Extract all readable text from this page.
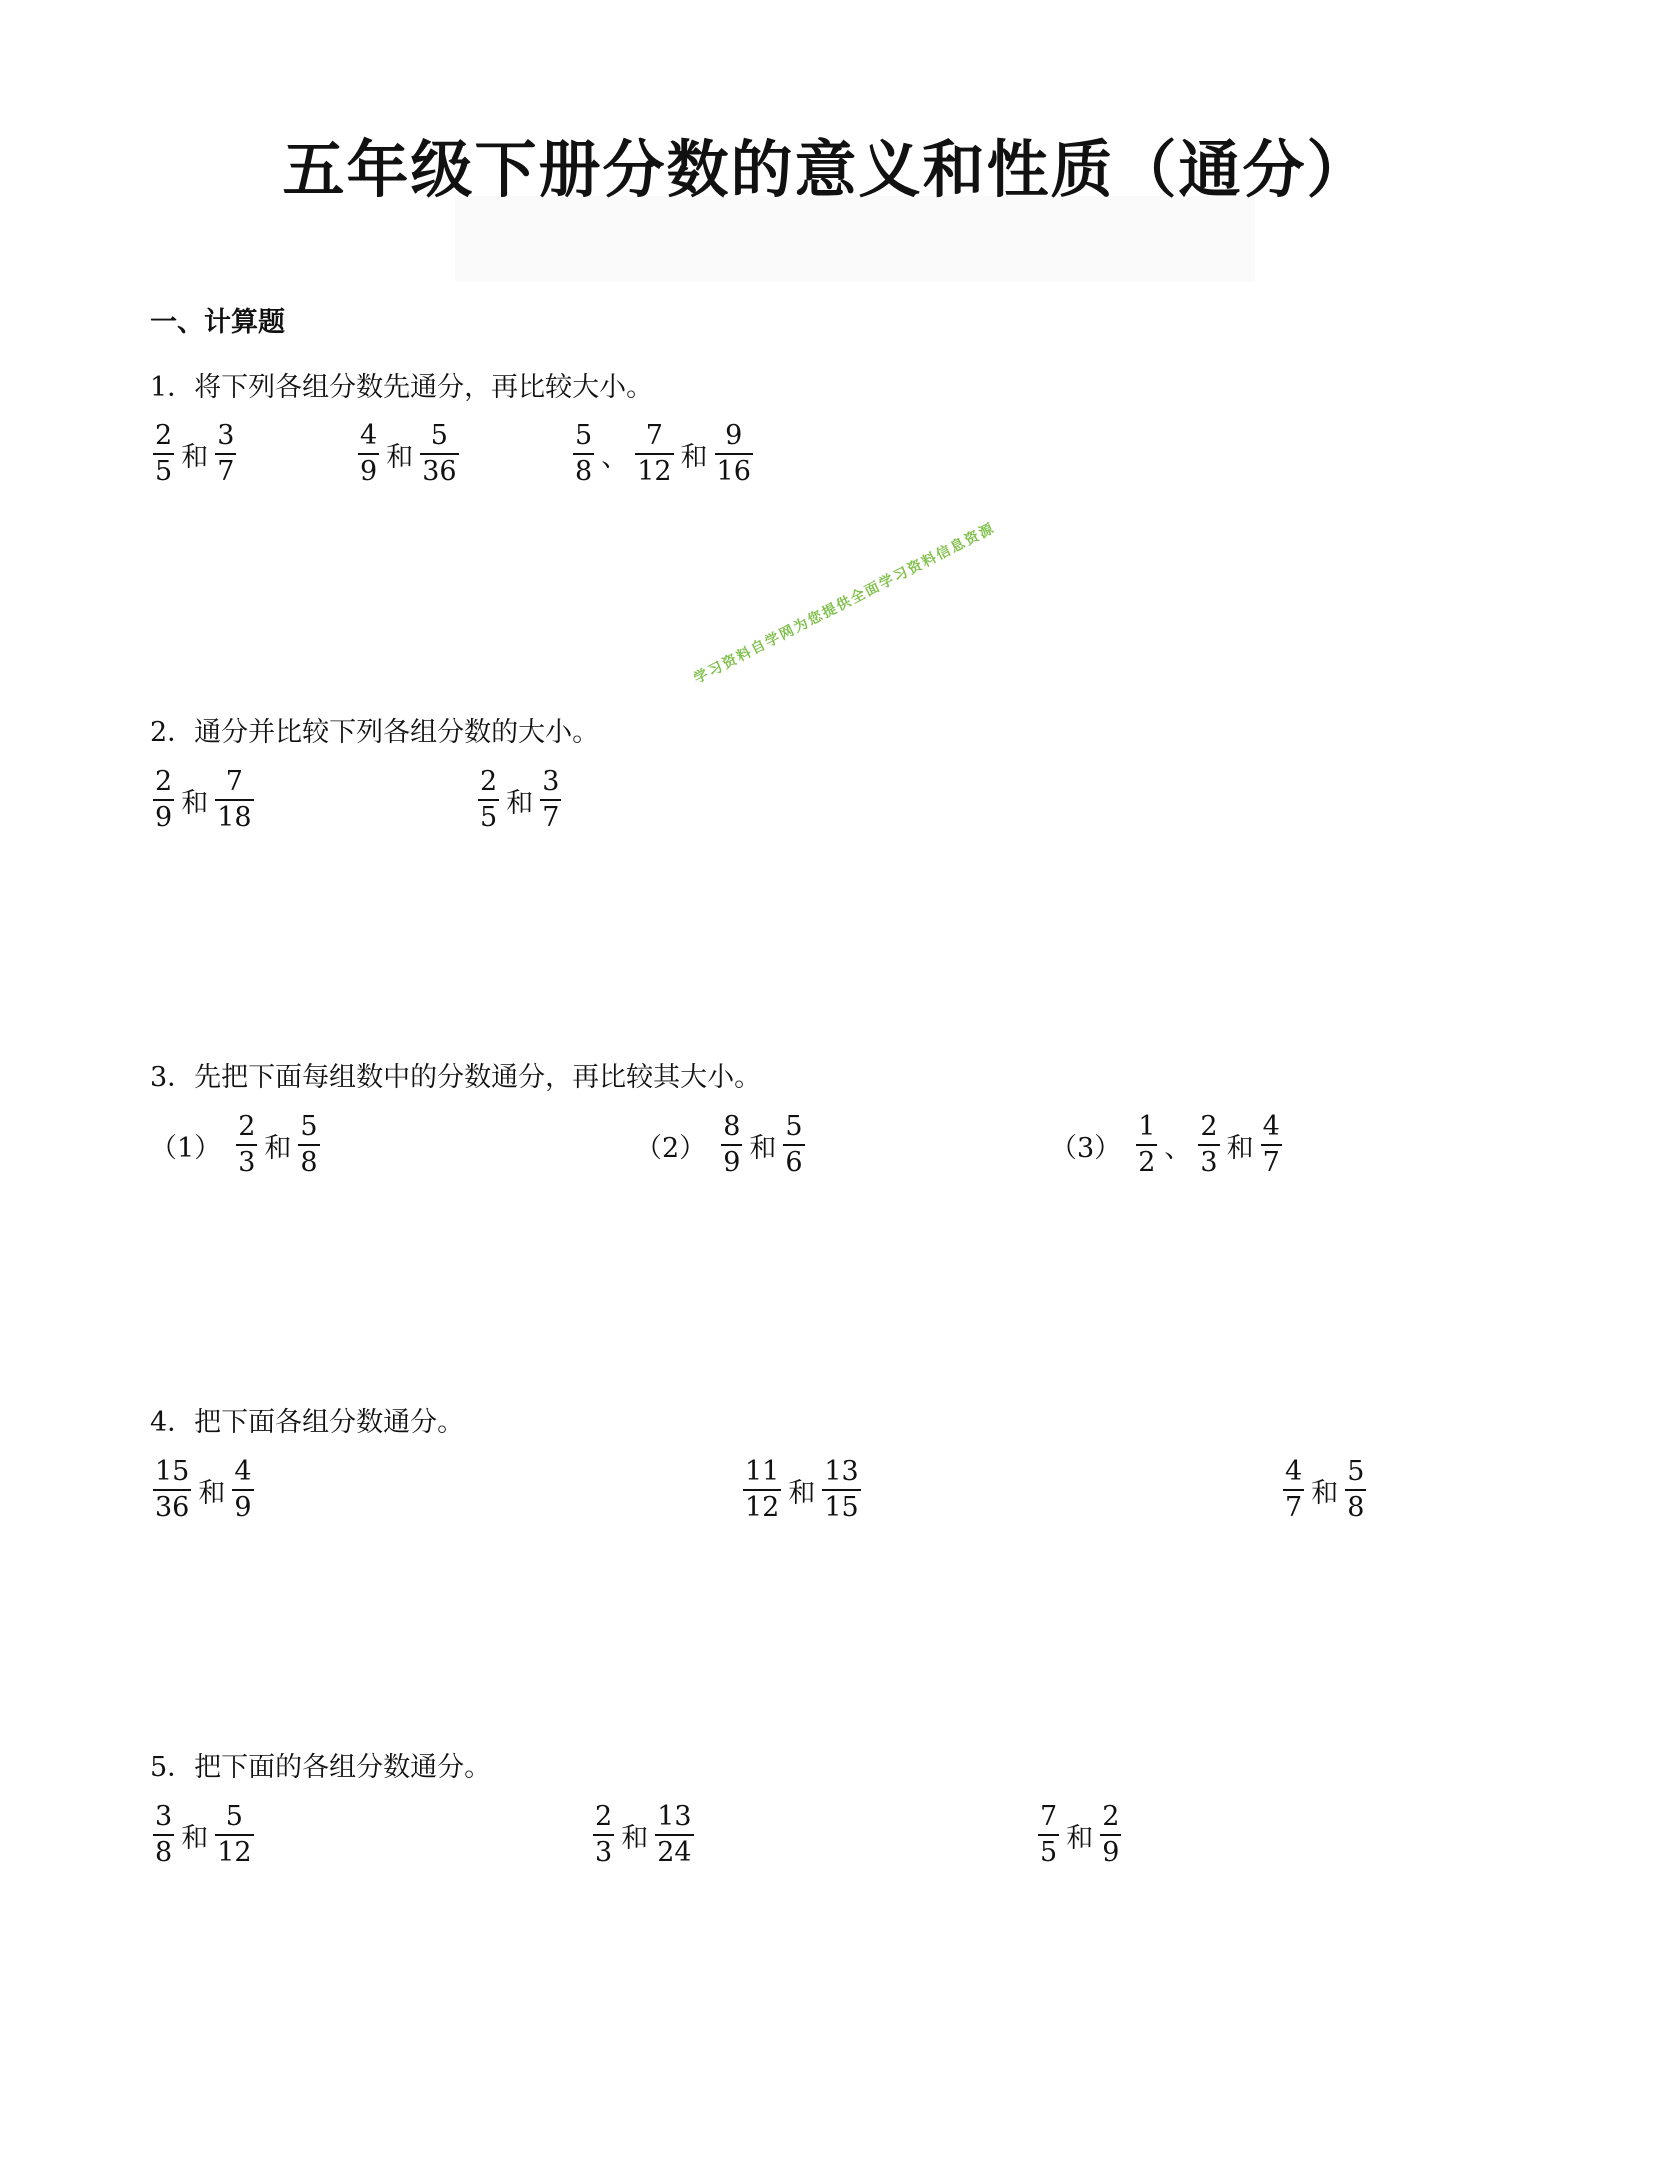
五年级下册分数的意义和性质（通分）
一、计算题
学习资料自学网为您提供全面学习资料信息资源
1．将下列各组分数先通分，再比较大小。
$\frac{2}{5}$ 和 $\frac{3}{7}$	$\frac{4}{9}$ 和 $\frac{5}{36}$	$\frac{5}{8}$ 、 $\frac{7}{12}$ 和 $\frac{9}{16}$
2．通分并比较下列各组分数的大小。
$\frac{2}{9}$ 和 $\frac{7}{18}$	$\frac{2}{5}$ 和 $\frac{3}{7}$
3．先把下面每组数中的分数通分，再比较其大小。
$(1) \frac{2}{3}$ 和 $\frac{5}{8}$	$(2) \frac{8}{9}$ 和 $\frac{5}{6}$	$(3) \frac{1}{2}$ 、 $\frac{2}{3}$ 和 $\frac{4}{7}$
4．把下面各组分数通分。
$\frac{15}{36}$ 和 $\frac{4}{9}$	$\frac{11}{12}$ 和 $\frac{13}{15}$	$\frac{4}{7}$ 和 $\frac{5}{8}$
5．把下面的各组分数通分。
$\frac{3}{8}$ 和 $\frac{5}{12}$	$\frac{2}{3}$ 和 $\frac{13}{24}$	$\frac{7}{5}$ 和 $\frac{2}{9}$
